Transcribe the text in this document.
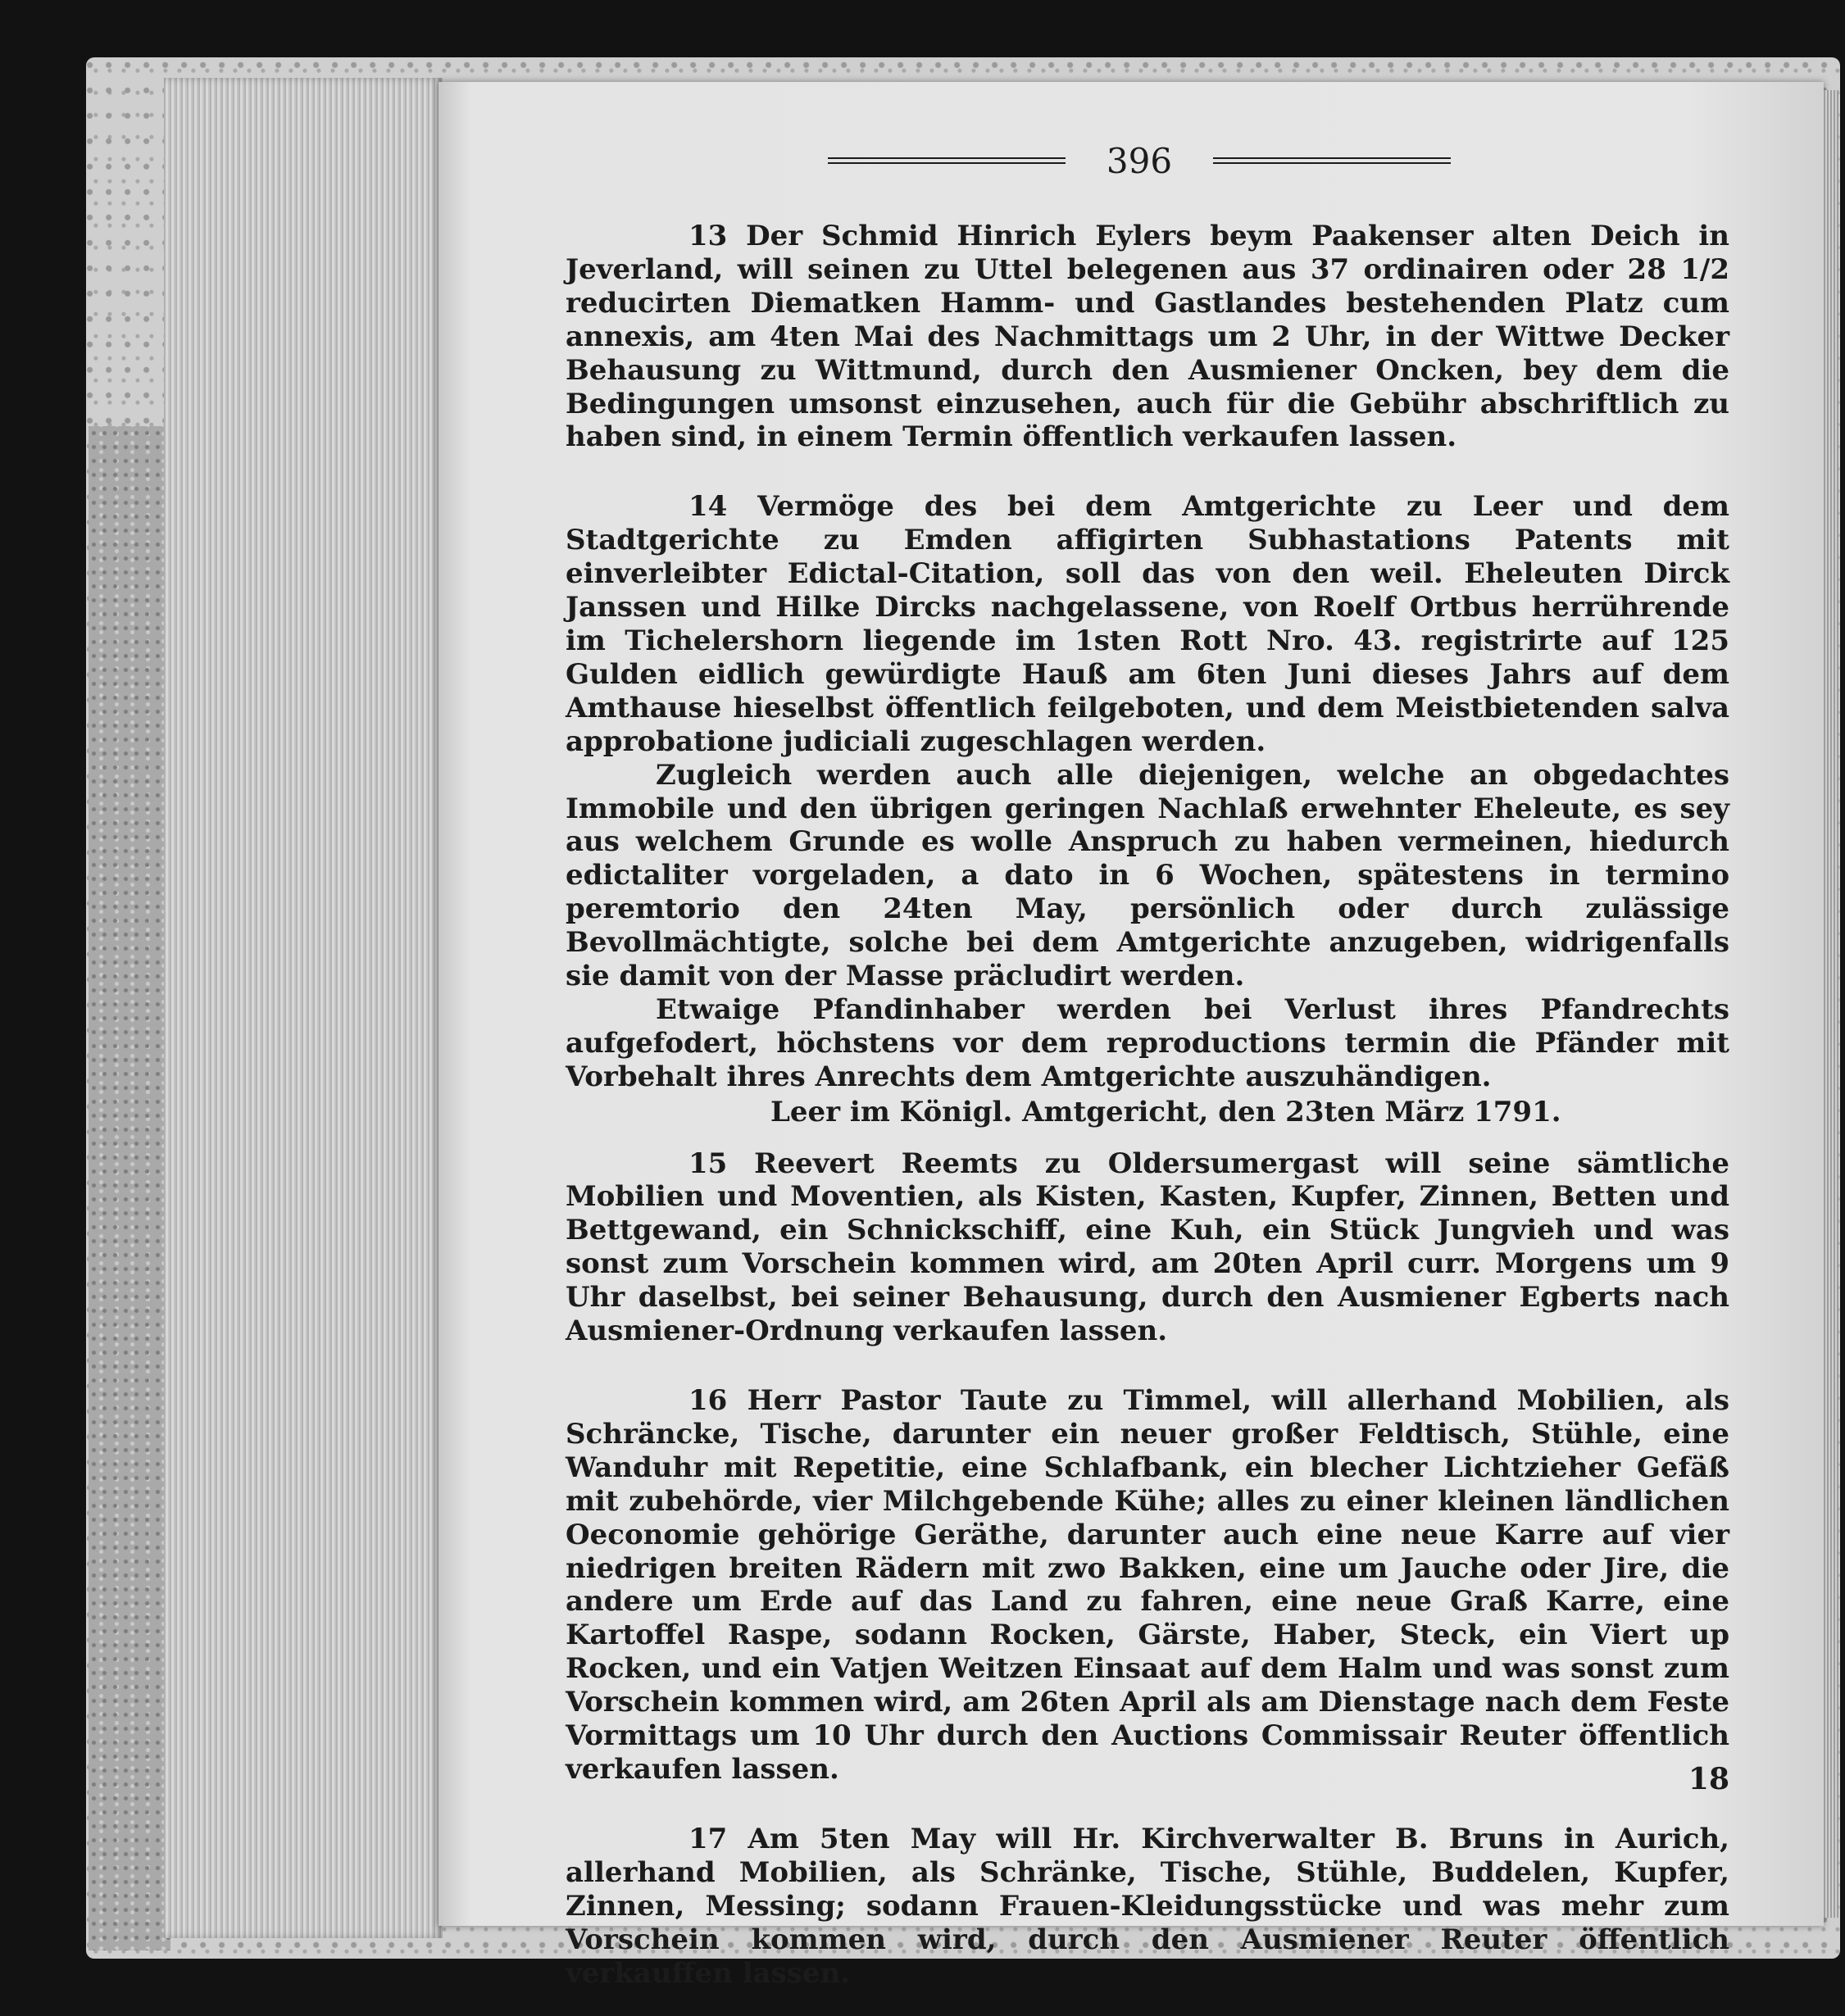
396

13 Der Schmid Hinrich Eylers beym Paakenser alten Deich in Jeverland, will seinen zu Uttel belegenen aus 37 ordinairen oder 28 1/2 reducirten Diematken Hamm- und Gastlandes bestehenden Platz cum annexis, am 4ten Mai des Nachmittags um 2 Uhr, in der Wittwe Decker Behausung zu Wittmund, durch den Ausmiener Oncken, bey dem die Bedingungen umsonst einzusehen, auch für die Gebühr abschriftlich zu haben sind, in einem Termin öffentlich verkaufen lassen.

14 Vermöge des bei dem Amtgerichte zu Leer und dem Stadtgerichte zu Emden affigirten Subhastations Patents mit einverleibter Edictal-Citation, soll das von den weil. Eheleuten Dirck Janssen und Hilke Dircks nachgelassene, von Roelf Ortbus herrührende im Tichelershorn liegende im 1sten Rott Nro. 43. registrirte auf 125 Gulden eidlich gewürdigte Hauß am 6ten Juni dieses Jahrs auf dem Amthause hieselbst öffentlich feilgeboten, und dem Meistbietenden salva approbatione judiciali zugeschlagen werden.

Zugleich werden auch alle diejenigen, welche an obgedachtes Immobile und den übrigen geringen Nachlaß erwehnter Eheleute, es sey aus welchem Grunde es wolle Anspruch zu haben vermeinen, hiedurch edictaliter vorgeladen, a dato in 6 Wochen, spätestens in termino peremtorio den 24ten May, persönlich oder durch zulässige Bevollmächtigte, solche bei dem Amtgerichte anzugeben, widrigenfalls sie damit von der Masse präcludirt werden.

Etwaige Pfandinhaber werden bei Verlust ihres Pfandrechts aufgefodert, höchstens vor dem reproductions termin die Pfänder mit Vorbehalt ihres Anrechts dem Amtgerichte auszuhändigen.

Leer im Königl. Amtgericht, den 23ten März 1791.

15 Reevert Reemts zu Oldersumergast will seine sämtliche Mobilien und Moventien, als Kisten, Kasten, Kupfer, Zinnen, Betten und Bettgewand, ein Schnickschiff, eine Kuh, ein Stück Jungvieh und was sonst zum Vorschein kommen wird, am 20ten April curr. Morgens um 9 Uhr daselbst, bei seiner Behausung, durch den Ausmiener Egberts nach Ausmiener-Ordnung verkaufen lassen.

16 Herr Pastor Taute zu Timmel, will allerhand Mobilien, als Schräncke, Tische, darunter ein neuer großer Feldtisch, Stühle, eine Wanduhr mit Repetitie, eine Schlafbank, ein blecher Lichtzieher Gefäß mit zubehörde, vier Milchgebende Kühe; alles zu einer kleinen ländlichen Oeconomie gehörige Geräthe, darunter auch eine neue Karre auf vier niedrigen breiten Rädern mit zwo Bakken, eine um Jauche oder Jire, die andere um Erde auf das Land zu fahren, eine neue Graß Karre, eine Kartoffel Raspe, sodann Rocken, Gärste, Haber, Steck, ein Viert up Rocken, und ein Vatjen Weitzen Einsaat auf dem Halm und was sonst zum Vorschein kommen wird, am 26ten April als am Dienstage nach dem Feste Vormittags um 10 Uhr durch den Auctions Commissair Reuter öffentlich verkaufen lassen.

17 Am 5ten May will Hr. Kirchverwalter B. Bruns in Aurich, allerhand Mobilien, als Schränke, Tische, Stühle, Buddelen, Kupfer, Zinnen, Messing; sodann Frauen-Kleidungsstücke und was mehr zum Vorschein kommen wird, durch den Ausmiener Reuter öffentlich verkauffen lassen.

18
